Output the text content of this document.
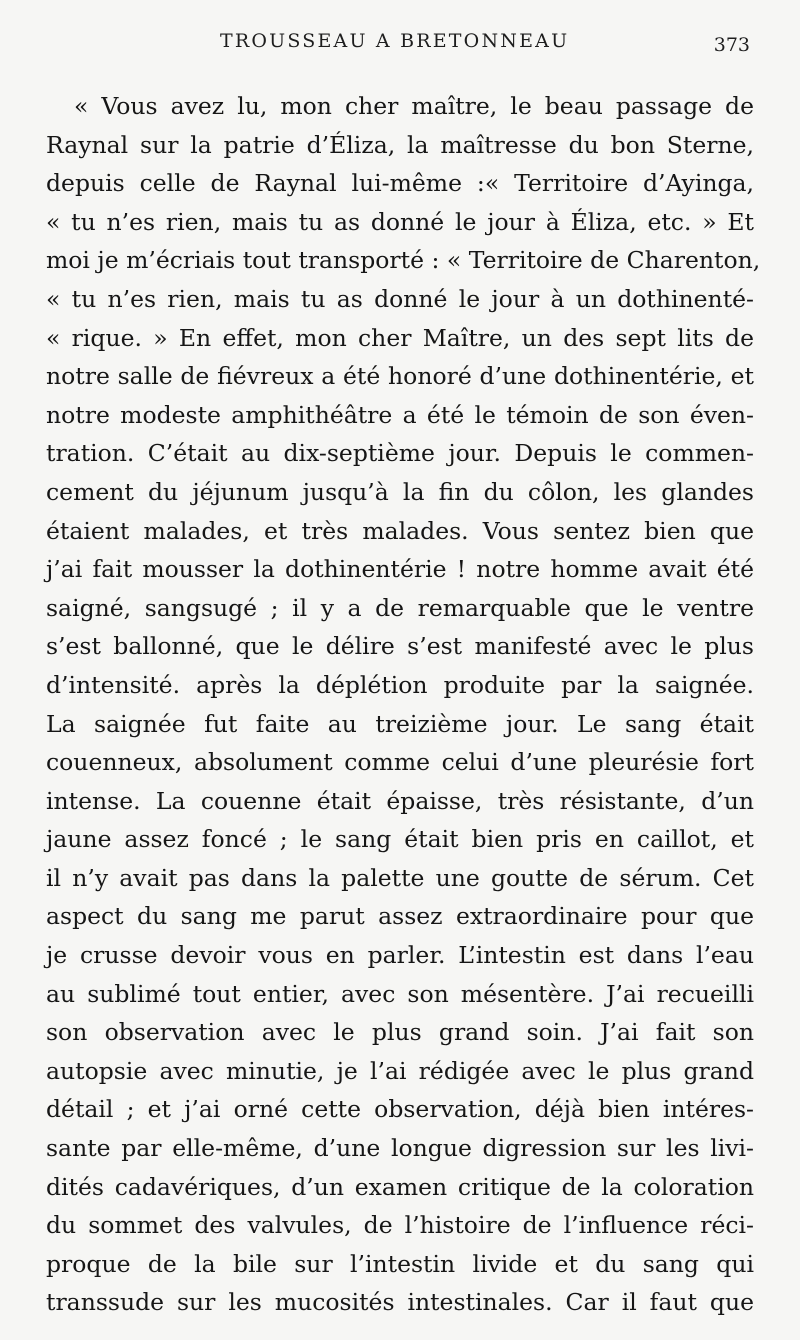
TROUSSEAU A BRETONNEAU	373
« Vous avez lu, mon cher maître, le beau passage de
Raynal sur la patrie d’Éliza, la maîtresse du bon Sterne,
depuis celle de Raynal lui-même :« Territoire d’Ayinga,
« tu n’es rien, mais tu as donné le jour à Éliza, etc. » Et
moi je m’écriais tout transporté : « Territoire de Charenton,
« tu n’es rien, mais tu as donné le jour à un dothinenté-
« rique. » En effet, mon cher Maître, un des sept lits de
notre salle de fiévreux a été honoré d’une dothinentérie, et
notre modeste amphithéâtre a été le témoin de son éven-
tration. C’était au dix-septième jour. Depuis le commen-
cement du jéjunum jusqu’à la fin du côlon, les glandes
étaient malades, et très malades. Vous sentez bien que
j’ai fait mousser la dothinentérie ! notre homme avait été
saigné, sangsugé ; il y a de remarquable que le ventre
s’est ballonné, que le délire s’est manifesté avec le plus
d’intensité. après la déplétion produite par la saignée.
La saignée fut faite au treizième jour. Le sang était
couenneux, absolument comme celui d’une pleurésie fort
intense. La couenne était épaisse, très résistante, d’un
jaune assez foncé ; le sang était bien pris en caillot, et
il n’y avait pas dans la palette une goutte de sérum. Cet
aspect du sang me parut assez extraordinaire pour que
je crusse devoir vous en parler. L’intestin est dans l’eau
au sublimé tout entier, avec son mésentère. J’ai recueilli
son observation avec le plus grand soin. J’ai fait son
autopsie avec minutie, je l’ai rédigée avec le plus grand
détail ; et j’ai orné cette observation, déjà bien intéres-
sante par elle-même, d’une longue digression sur les livi-
dités cadavériques, d’un examen critique de la coloration
du sommet des valvules, de l’histoire de l’influence réci-
proque de la bile sur l’intestin livide et du sang qui
transsude sur les mucosités intestinales. Car il faut que
